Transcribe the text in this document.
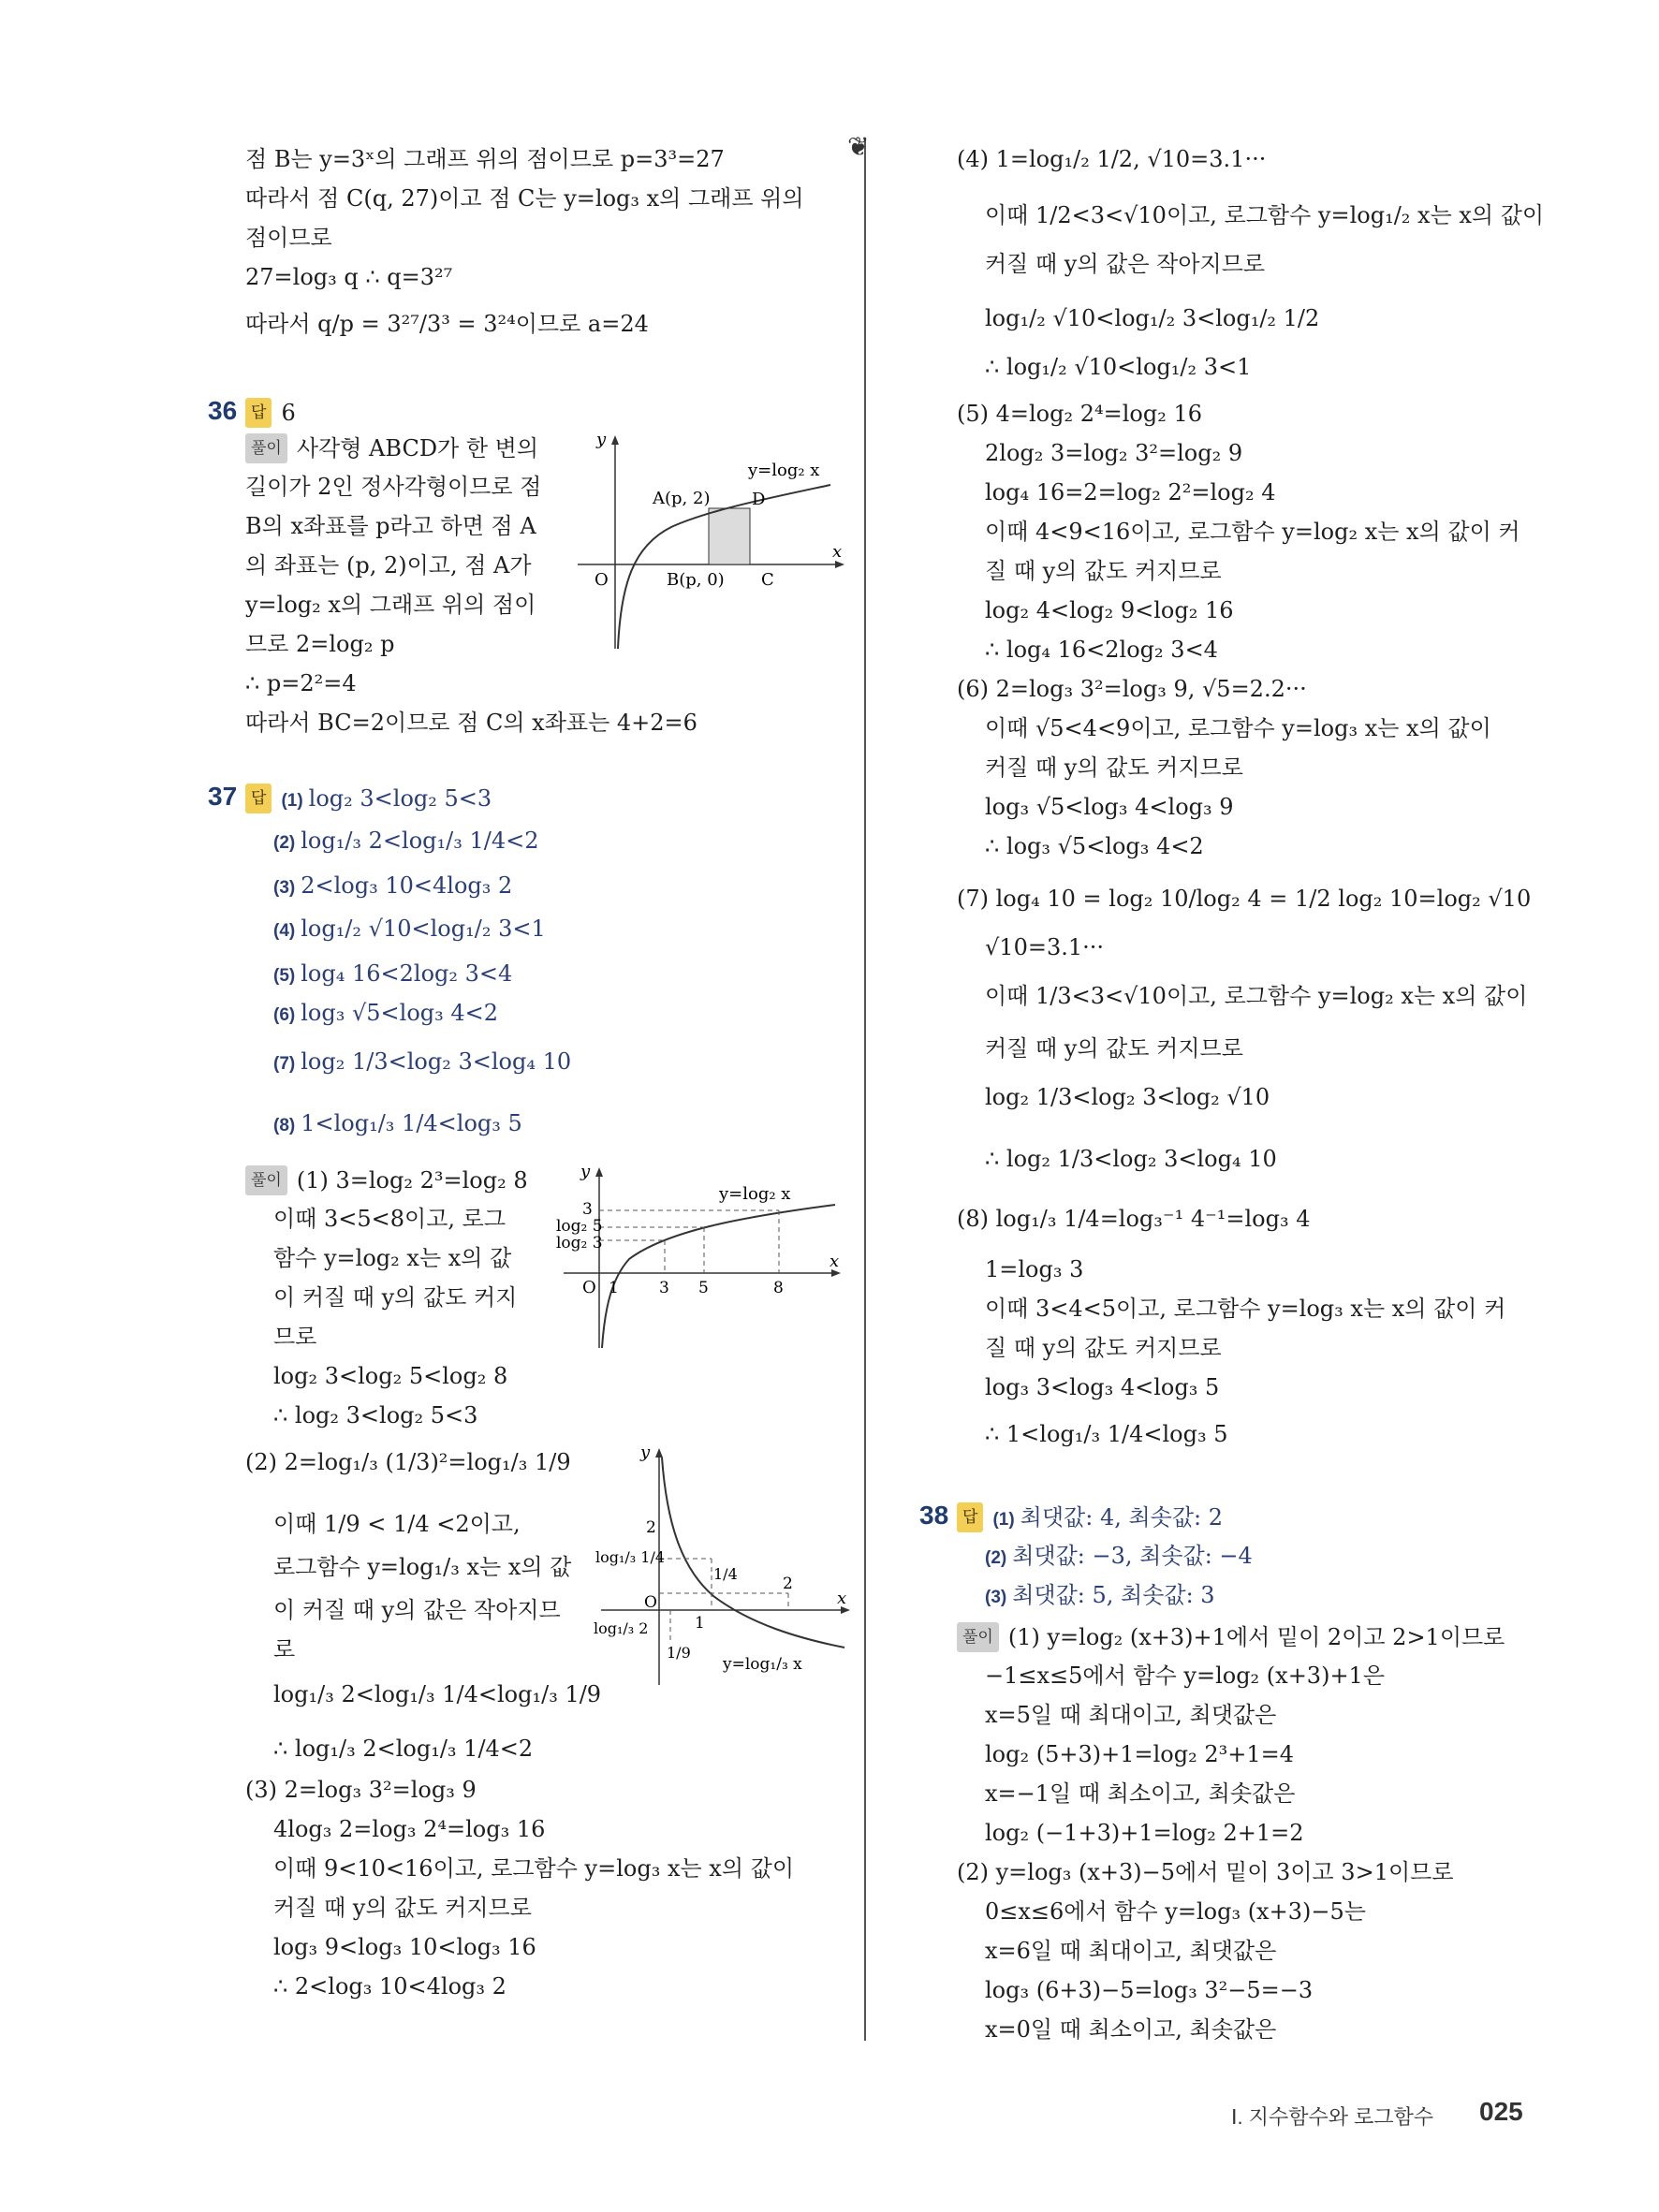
❦
점 B는 y=3ˣ의 그래프 위의 점이므로 p=3³=27
따라서 점 C(q, 27)이고 점 C는 y=log₃ x의 그래프 위의
점이므로
27=log₃ q ∴ q=3²⁷
따라서 q/p = 3²⁷/3³ = 3²⁴이므로 a=24
36 답 6
풀이 사각형 ABCD가 한 변의
길이가 2인 정사각형이므로 점
B의 x좌표를 p라고 하면 점 A
의 좌표는 (p, 2)이고, 점 A가
y=log₂ x의 그래프 위의 점이
므로 2=log₂ p
∴ p=2²=4
따라서 BC=2이므로 점 C의 x좌표는 4+2=6
y
x
y=log₂ x
A(p, 2) D
O	B(p, 0) C
37 답 (1) log₂ 3<log₂ 5<3
(2) log₁/₃ 2<log₁/₃ 1/4<2
(3) 2<log₃ 10<4log₃ 2
(4) log₁/₂ √10<log₁/₂ 3<1
(5) log₄ 16<2log₂ 3<4
(6) log₃ √5<log₃ 4<2
(7) log₂ 1/3<log₂ 3<log₄ 10
(8) 1<log₁/₃ 1/4<log₃ 5
풀이 (1) 3=log₂ 2³=log₂ 8
이때 3<5<8이고, 로그
함수 y=log₂ x는 x의 값
이 커질 때 y의 값도 커지
므로
log₂ 3<log₂ 5<log₂ 8
∴ log₂ 3<log₂ 5<3
y
x
y=log₂ x
3
log₂ 5
log₂ 3
O 1	3 5	8
(2) 2=log₁/₃ (1/3)²=log₁/₃ 1/9
이때 1/9 < 1/4 <2이고,
로그함수 y=log₁/₃ x는 x의 값
이 커질 때 y의 값은 작아지므
로
log₁/₃ 2<log₁/₃ 1/4<log₁/₃ 1/9
∴ log₁/₃ 2<log₁/₃ 1/4<2
y
x
2
log₁/₃ 1/4
1/4
O
1
2
log₁/₃ 2
1/9
y=log₁/₃ x
(3) 2=log₃ 3²=log₃ 9
4log₃ 2=log₃ 2⁴=log₃ 16
이때 9<10<16이고, 로그함수 y=log₃ x는 x의 값이
커질 때 y의 값도 커지므로
log₃ 9<log₃ 10<log₃ 16
∴ 2<log₃ 10<4log₃ 2
(4) 1=log₁/₂ 1/2, √10=3.1···
이때 1/2<3<√10이고, 로그함수 y=log₁/₂ x는 x의 값이
커질 때 y의 값은 작아지므로
log₁/₂ √10<log₁/₂ 3<log₁/₂ 1/2
∴ log₁/₂ √10<log₁/₂ 3<1
(5) 4=log₂ 2⁴=log₂ 16
2log₂ 3=log₂ 3²=log₂ 9
log₄ 16=2=log₂ 2²=log₂ 4
이때 4<9<16이고, 로그함수 y=log₂ x는 x의 값이 커
질 때 y의 값도 커지므로
log₂ 4<log₂ 9<log₂ 16
∴ log₄ 16<2log₂ 3<4
(6) 2=log₃ 3²=log₃ 9, √5=2.2···
이때 √5<4<9이고, 로그함수 y=log₃ x는 x의 값이
커질 때 y의 값도 커지므로
log₃ √5<log₃ 4<log₃ 9
∴ log₃ √5<log₃ 4<2
(7) log₄ 10 = log₂ 10/log₂ 4 = 1/2 log₂ 10=log₂ √10
√10=3.1···
이때 1/3<3<√10이고, 로그함수 y=log₂ x는 x의 값이
커질 때 y의 값도 커지므로
log₂ 1/3<log₂ 3<log₂ √10
∴ log₂ 1/3<log₂ 3<log₄ 10
(8) log₁/₃ 1/4=log₃⁻¹ 4⁻¹=log₃ 4
1=log₃ 3
이때 3<4<5이고, 로그함수 y=log₃ x는 x의 값이 커
질 때 y의 값도 커지므로
log₃ 3<log₃ 4<log₃ 5
∴ 1<log₁/₃ 1/4<log₃ 5
38 답 (1) 최댓값: 4, 최솟값: 2
(2) 최댓값: −3, 최솟값: −4
(3) 최댓값: 5, 최솟값: 3
풀이 (1) y=log₂ (x+3)+1에서 밑이 2이고 2>1이므로
−1≤x≤5에서 함수 y=log₂ (x+3)+1은
x=5일 때 최대이고, 최댓값은
log₂ (5+3)+1=log₂ 2³+1=4
x=−1일 때 최소이고, 최솟값은
log₂ (−1+3)+1=log₂ 2+1=2
(2) y=log₃ (x+3)−5에서 밑이 3이고 3>1이므로
0≤x≤6에서 함수 y=log₃ (x+3)−5는
x=6일 때 최대이고, 최댓값은
log₃ (6+3)−5=log₃ 3²−5=−3
x=0일 때 최소이고, 최솟값은
Ⅰ. 지수함수와 로그함수 025
